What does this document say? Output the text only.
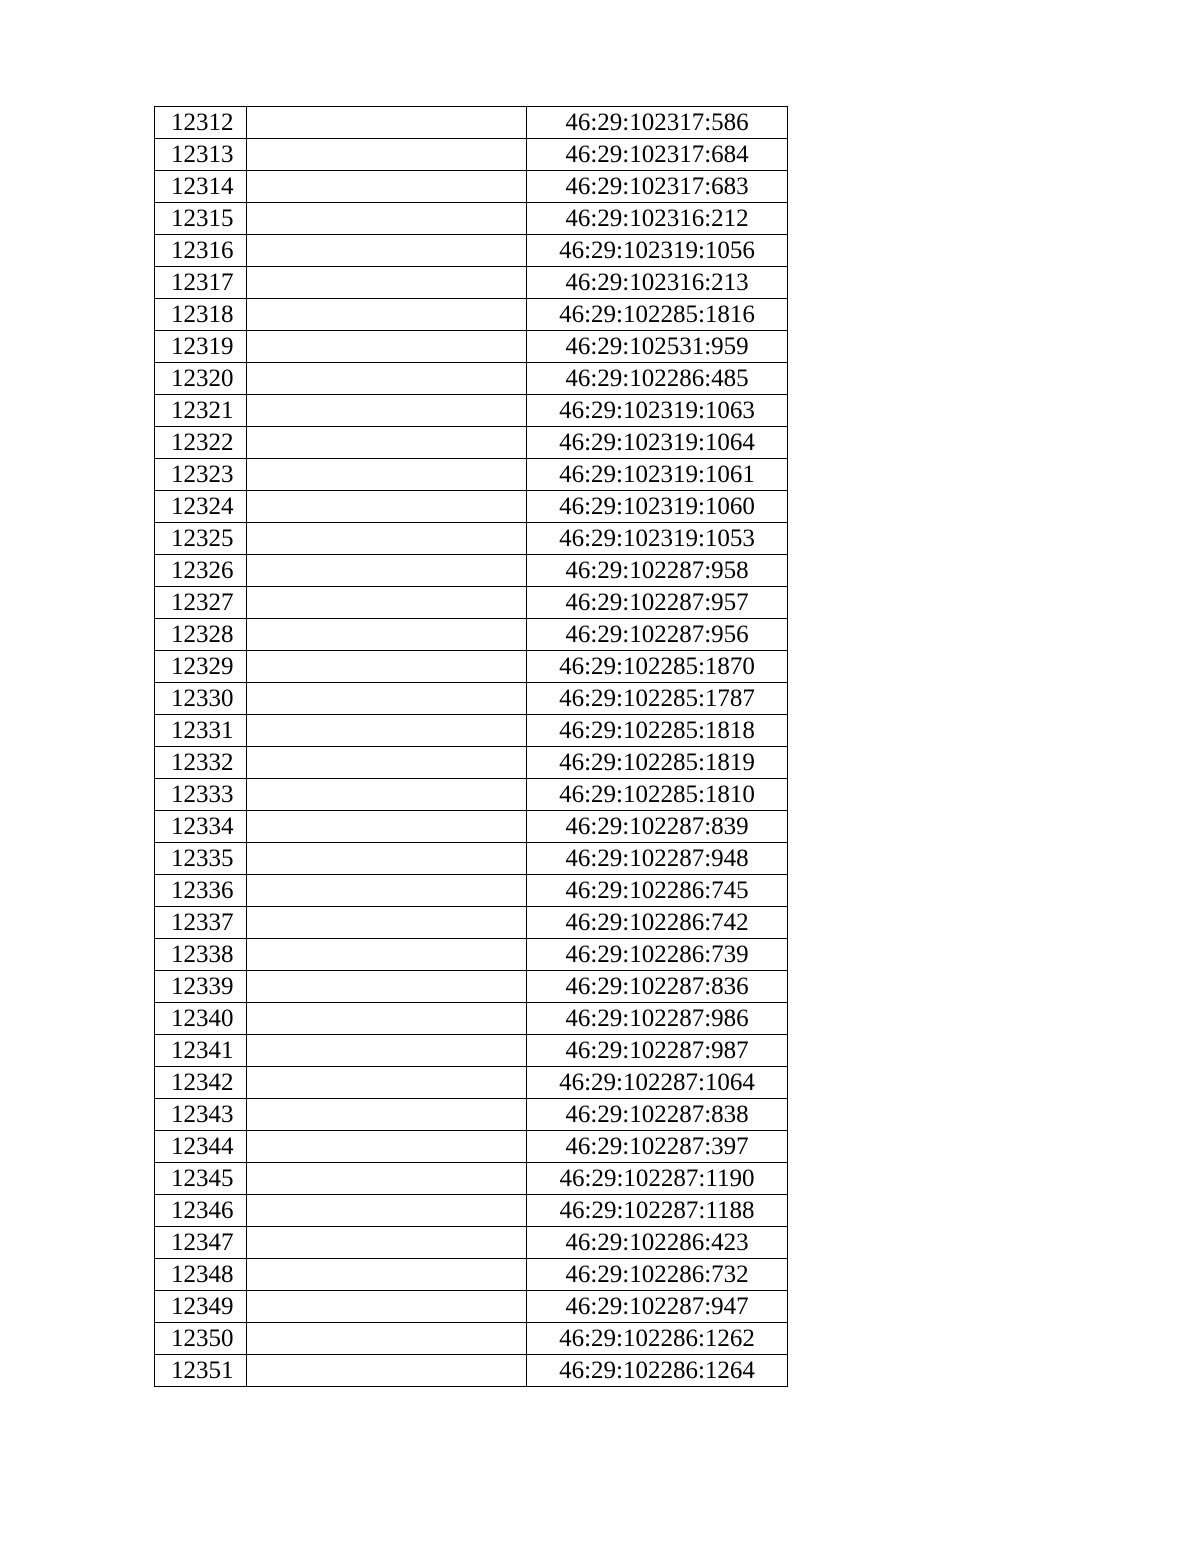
12312		46:29:102317:586
12313		46:29:102317:684
12314		46:29:102317:683
12315		46:29:102316:212
12316		46:29:102319:1056
12317		46:29:102316:213
12318		46:29:102285:1816
12319		46:29:102531:959
12320		46:29:102286:485
12321		46:29:102319:1063
12322		46:29:102319:1064
12323		46:29:102319:1061
12324		46:29:102319:1060
12325		46:29:102319:1053
12326		46:29:102287:958
12327		46:29:102287:957
12328		46:29:102287:956
12329		46:29:102285:1870
12330		46:29:102285:1787
12331		46:29:102285:1818
12332		46:29:102285:1819
12333		46:29:102285:1810
12334		46:29:102287:839
12335		46:29:102287:948
12336		46:29:102286:745
12337		46:29:102286:742
12338		46:29:102286:739
12339		46:29:102287:836
12340		46:29:102287:986
12341		46:29:102287:987
12342		46:29:102287:1064
12343		46:29:102287:838
12344		46:29:102287:397
12345		46:29:102287:1190
12346		46:29:102287:1188
12347		46:29:102286:423
12348		46:29:102286:732
12349		46:29:102287:947
12350		46:29:102286:1262
12351		46:29:102286:1264
